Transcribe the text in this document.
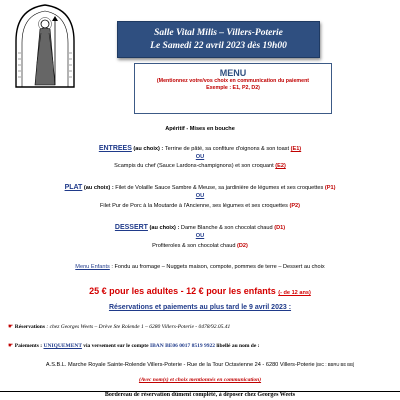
Salle Vital Milis – Villers-Poterie
Le Samedi 22 avril 2023 dès 19h00
MENU
(Mentionnez votre/vos choix en communication du paiement
Exemple : E1, P2, D2)
Apéritif - Mises en bouche
ENTREES (au choix) : Terrine de pâté, sa confiture d'oignons & son toast (E1)
OU
Scampis du chef (Sauce Lardons-champignons) et son croquant (E2)
PLAT (au choix) : Filet de Volaille Sauce Sambre & Meuse, sa jardinière de légumes et ses croquettes (P1)
OU
Filet Pur de Porc à la Moutarde à l'Ancienne, ses légumes et ses croquettes (P2)
DESSERT (au choix) : Dame Blanche & son chocolat chaud (D1)
OU
Profiteroles & son chocolat chaud (D2)
Menu Enfants : Fondu au fromage – Nuggets maison, compote, pommes de terre – Dessert au choix
25 € pour les adultes - 12 € pour les enfants (- de 12 ans)
Réservations et paiements au plus tard le 9 avril 2023 :
☛ Réservations : chez Georges Weets – Drève Ste Rolende 1 – 6280 Villers-Poterie - 0478/92.05.41
☛ Paiements : UNIQUEMENT via versement sur le compte IBAN BE06 0017 8519 9922 libellé au nom de :
A.S.B.L. Marche Royale Sainte-Rolende Villers-Poterie - Rue de la Tour Octavienne 24 - 6280 Villers-Poterie [BIC : BBRU BE BB]
(Avec nom(s) et choix mentionnés en communication)
Bordereau de réservation dûment complété, à déposer chez Georges Weets
